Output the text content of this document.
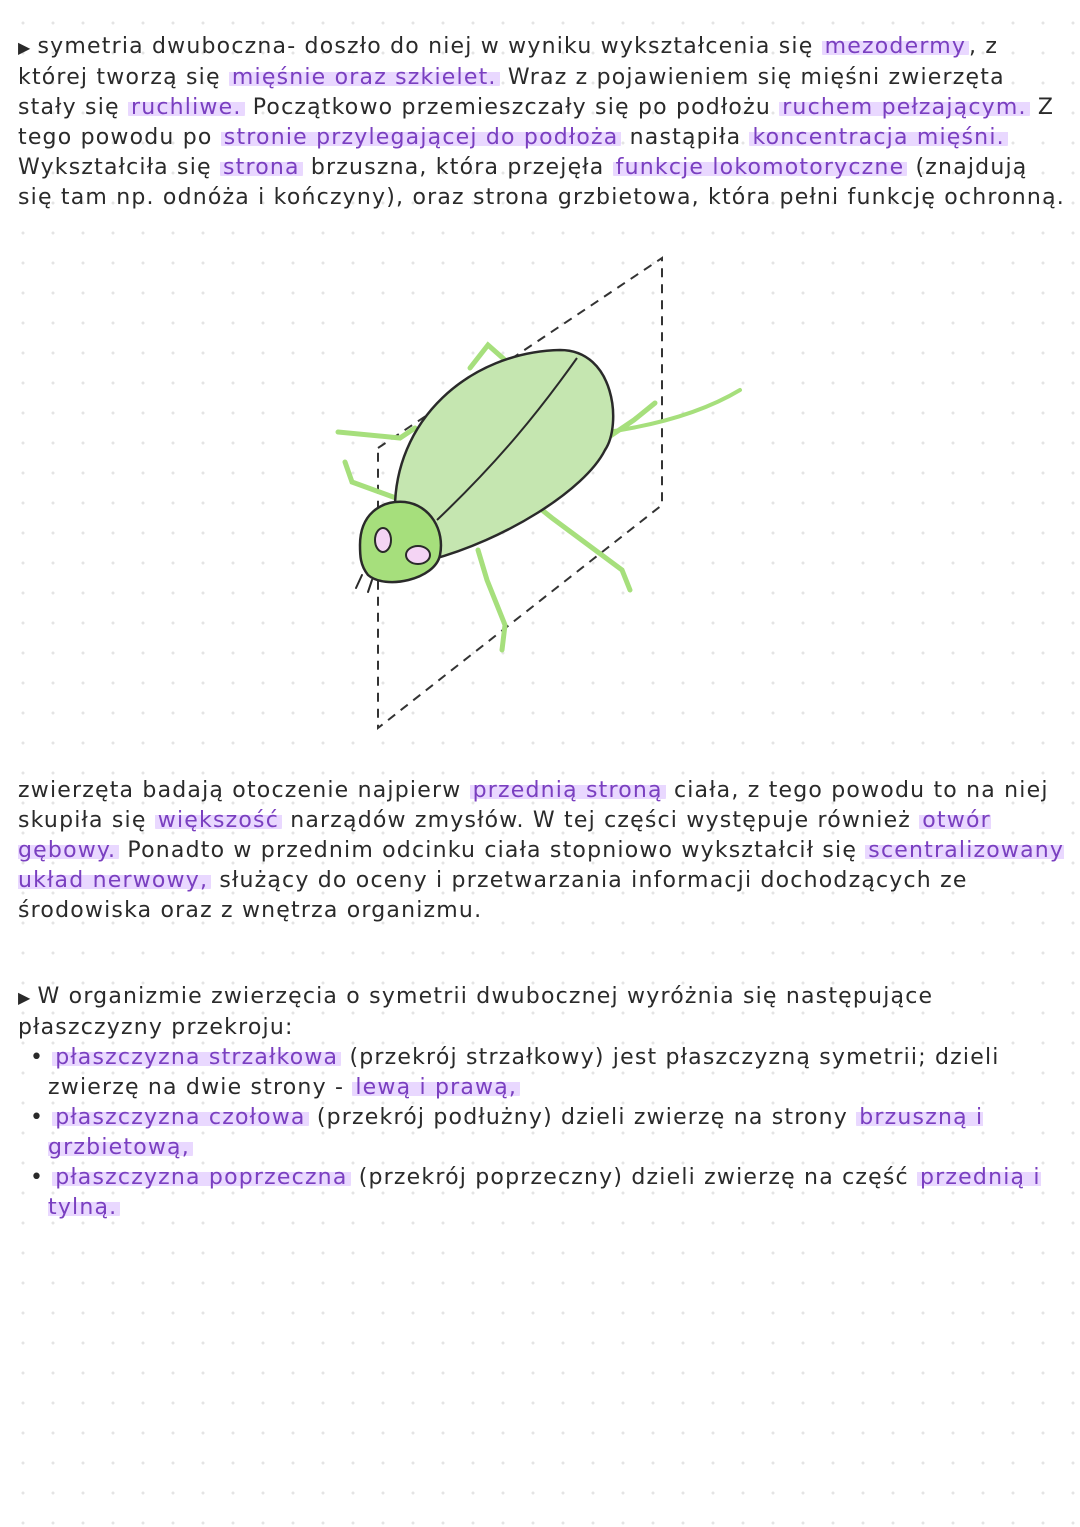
▶ symetria dwuboczna- doszło do niej w wyniku wykształcenia się mezodermy , z której tworzą się mięśnie oraz szkielet. Wraz z pojawieniem się mięśni zwierzęta stały się ruchliwe. Początkowo przemieszczały się po podłożu ruchem pełzającym. Z tego powodu po stronie przylegającej do podłoża nastąpiła koncentracja mięśni. Wykształciła się strona brzuszna, która przejęła funkcje lokomotoryczne (znajdują się tam np. odnóża i kończyny), oraz strona grzbietowa, która pełni funkcję ochronną.

zwierzęta badają otoczenie najpierw przednią stroną ciała, z tego powodu to na niej skupiła się większość narządów zmysłów. W tej części występuje również otwór gębowy. Ponadto w przednim odcinku ciała stopniowo wykształcił się scentralizowany układ nerwowy, służący do oceny i przetwarzania informacji dochodzących ze środowiska oraz z wnętrza organizmu.

▶ W organizmie zwierzęcia o symetrii dwubocznej wyróżnia się następujące płaszczyzny przekroju:
• płaszczyzna strzałkowa (przekrój strzałkowy) jest płaszczyzną symetrii; dzieli zwierzę na dwie strony - lewą i prawą,
• płaszczyzna czołowa (przekrój podłużny) dzieli zwierzę na strony brzuszną i grzbietową,
• płaszczyzna poprzeczna (przekrój poprzeczny) dzieli zwierzę na część przednią i tylną.
